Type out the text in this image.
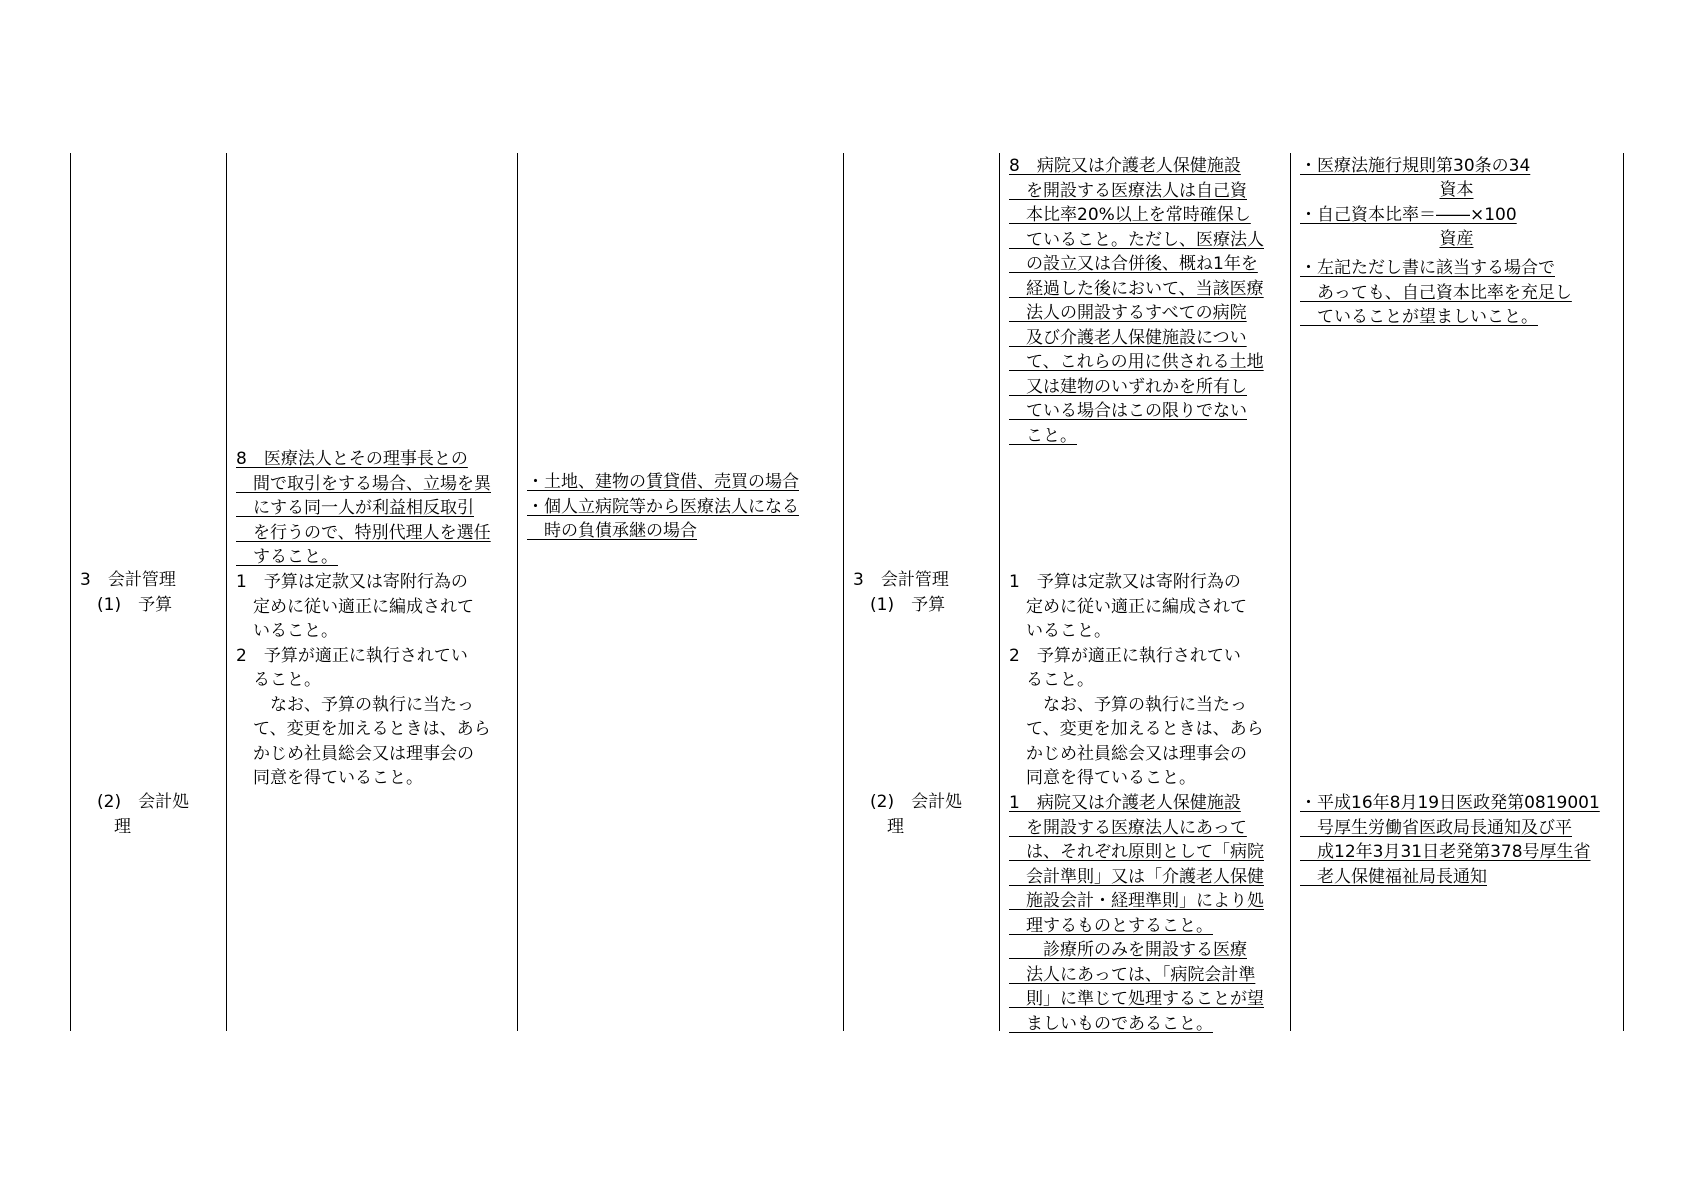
3　会計管理
　(1)　予算
　(2)　会計処
　　理
8　医療法人とその理事長との
　間で取引をする場合、立場を異
　にする同一人が利益相反取引
　を行うので、特別代理人を選任
　すること。
1　予算は定款又は寄附行為の
　定めに従い適正に編成されて
　いること。
2　予算が適正に執行されてい
　ること。
　　なお、予算の執行に当たっ
　て、変更を加えるときは、あら
　かじめ社員総会又は理事会の
　同意を得ていること。
・土地、建物の賃貸借、売買の場合
・個人立病院等から医療法人になる
　時の負債承継の場合
3　会計管理
　(1)　予算
　(2)　会計処
　　理
8　病院又は介護老人保健施設
　を開設する医療法人は自己資
　本比率20%以上を常時確保し
　ていること。ただし、医療法人
　の設立又は合併後、概ね1年を
　経過した後において、当該医療
　法人の開設するすべての病院
　及び介護老人保健施設につい
　て、これらの用に供される土地
　又は建物のいずれかを所有し
　ている場合はこの限りでない
　こと。
1　予算は定款又は寄附行為の
　定めに従い適正に編成されて
　いること。
2　予算が適正に執行されてい
　ること。
　　なお、予算の執行に当たっ
　て、変更を加えるときは、あら
　かじめ社員総会又は理事会の
　同意を得ていること。
1　病院又は介護老人保健施設
　を開設する医療法人にあって
　は、それぞれ原則として「病院
　会計準則」又は「介護老人保健
　施設会計・経理準則」により処
　理するものとすること。
　　診療所のみを開設する医療
　法人にあっては、「病院会計準
　則」に準じて処理することが望
　ましいものであること。
・医療法施行規則第30条の34
資本
・自己資本比率＝――×100
資産
・左記ただし書に該当する場合で
　あっても、自己資本比率を充足し
　ていることが望ましいこと。
・平成16年8月19日医政発第0819001
　号厚生労働省医政局長通知及び平
　成12年3月31日老発第378号厚生省
　老人保健福祉局長通知
